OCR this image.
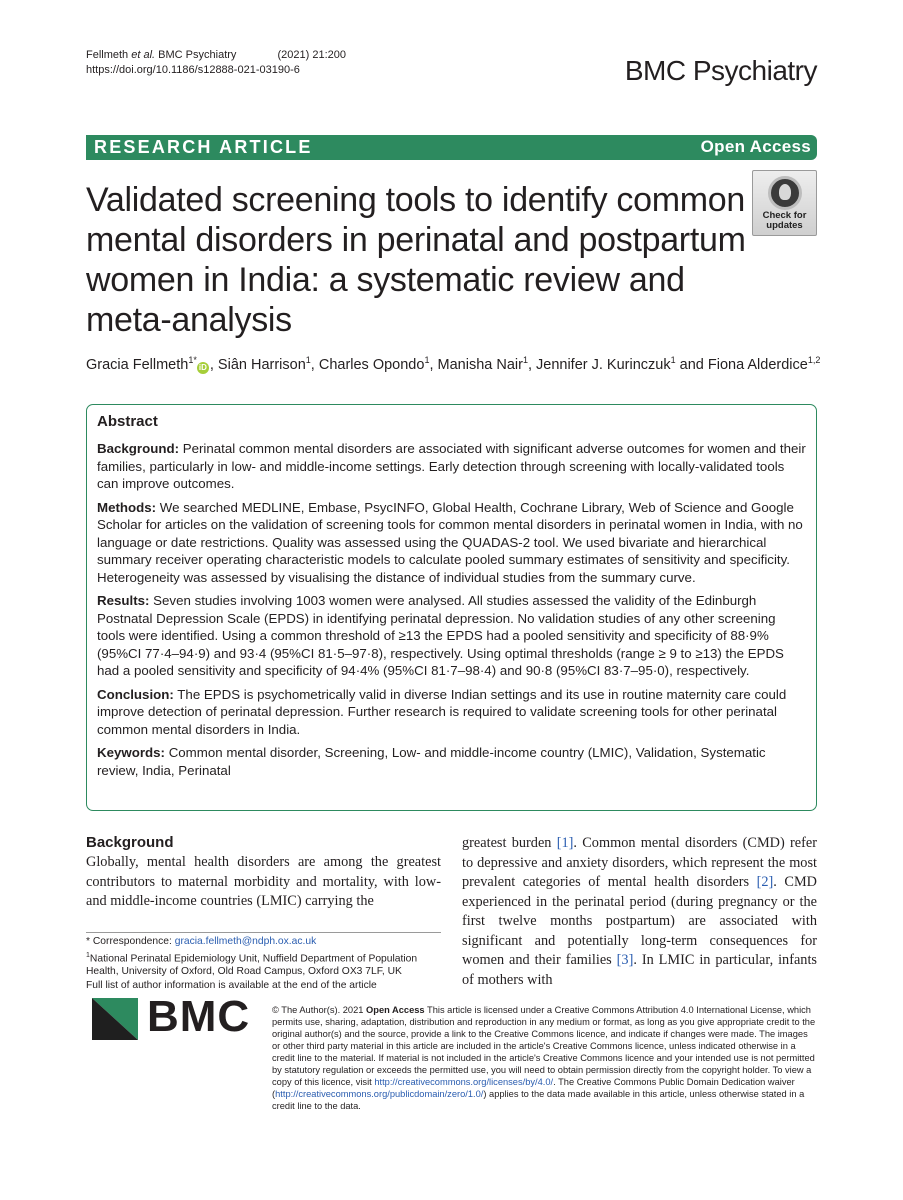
Fellmeth et al. BMC Psychiatry	(2021) 21:200
https://doi.org/10.1186/s12888-021-03190-6	BMC Psychiatry
RESEARCH ARTICLE	Open Access
Validated screening tools to identify common mental disorders in perinatal and postpartum women in India: a systematic review and meta-analysis
Check for
updates
Gracia Fellmeth$^{1*}$iD , Siân Harrison$^1$, Charles Opondo$^1$, Manisha Nair$^1$, Jennifer J. Kurinczuk$^1$ and Fiona Alderdice$^{1,2}$
Abstract

Background: Perinatal common mental disorders are associated with significant adverse outcomes for women and their families, particularly in low- and middle-income settings. Early detection through screening with locally-validated tools can improve outcomes.

Methods: We searched MEDLINE, Embase, PsycINFO, Global Health, Cochrane Library, Web of Science and Google Scholar for articles on the validation of screening tools for common mental disorders in perinatal women in India, with no language or date restrictions. Quality was assessed using the QUADAS-2 tool. We used bivariate and hierarchical summary receiver operating characteristic models to calculate pooled summary estimates of sensitivity and specificity. Heterogeneity was assessed by visualising the distance of individual studies from the summary curve.

Results: Seven studies involving 1003 women were analysed. All studies assessed the validity of the Edinburgh Postnatal Depression Scale (EPDS) in identifying perinatal depression. No validation studies of any other screening tools were identified. Using a common threshold of ≥13 the EPDS had a pooled sensitivity and specificity of 88·9% (95%CI 77·4–94·9) and 93·4 (95%CI 81·5–97·8), respectively. Using optimal thresholds (range ≥ 9 to ≥13) the EPDS had a pooled sensitivity and specificity of 94·4% (95%CI 81·7–98·4) and 90·8 (95%CI 83·7–95·0), respectively.

Conclusion: The EPDS is psychometrically valid in diverse Indian settings and its use in routine maternity care could improve detection of perinatal depression. Further research is required to validate screening tools for other perinatal common mental disorders in India.

Keywords: Common mental disorder, Screening, Low- and middle-income country (LMIC), Validation, Systematic review, India, Perinatal

Background
Globally, mental health disorders are among the greatest contributors to maternal morbidity and mortality, with low- and middle-income countries (LMIC) carrying the
greatest burden [1]. Common mental disorders (CMD) refer to depressive and anxiety disorders, which represent the most prevalent categories of mental health disorders [2]. CMD experienced in the perinatal period (during pregnancy or the first twelve months postpartum) are associated with significant and potentially long-term consequences for women and their families [3]. In LMIC in particular, infants of mothers with
* Correspondence: gracia.fellmeth@ndph.ox.ac.uk
$^1$National Perinatal Epidemiology Unit, Nuffield Department of Population Health, University of Oxford, Old Road Campus, Oxford OX3 7LF, UK
Full list of author information is available at the end of the article
BMC © The Author(s). 2021 Open Access This article is licensed under a Creative Commons Attribution 4.0 International License, which permits use, sharing, adaptation, distribution and reproduction in any medium or format, as long as you give appropriate credit to the original author(s) and the source, provide a link to the Creative Commons licence, and indicate if changes were made. The images or other third party material in this article are included in the article's Creative Commons licence, unless indicated otherwise in a credit line to the material. If material is not included in the article's Creative Commons licence and your intended use is not permitted by statutory regulation or exceeds the permitted use, you will need to obtain permission directly from the copyright holder. To view a copy of this licence, visit http://creativecommons.org/licenses/by/4.0/. The Creative Commons Public Domain Dedication waiver (http://creativecommons.org/publicdomain/zero/1.0/) applies to the data made available in this article, unless otherwise stated in a credit line to the data.
